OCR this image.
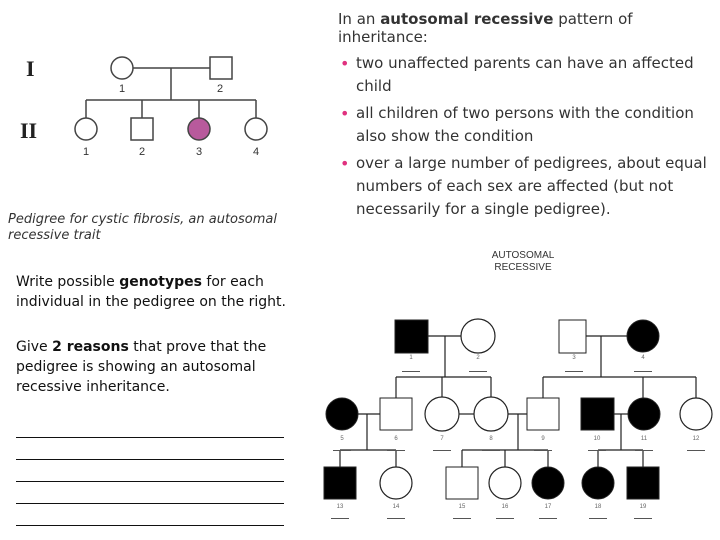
I
II
1	2
1	2	3	4
Pedigree for cystic fibrosis, an autosomal recessive trait
In an autosomal recessive pattern of inheritance:
• two unaffected parents can have an affected child
• all children of two persons with the condition also show the condition
• over a large number of pedigrees, about equal numbers of each sex are affected (but not necessarily for a single pedigree).
Write possible genotypes for each individual in the pedigree on the right.
Give 2 reasons that prove that the pedigree is showing an autosomal recessive inheritance.
AUTOSOMAL
RECESSIVE
1	2	3	4
5	6	7	8	9	10	11	12
13	14	15	16	17	18	19
